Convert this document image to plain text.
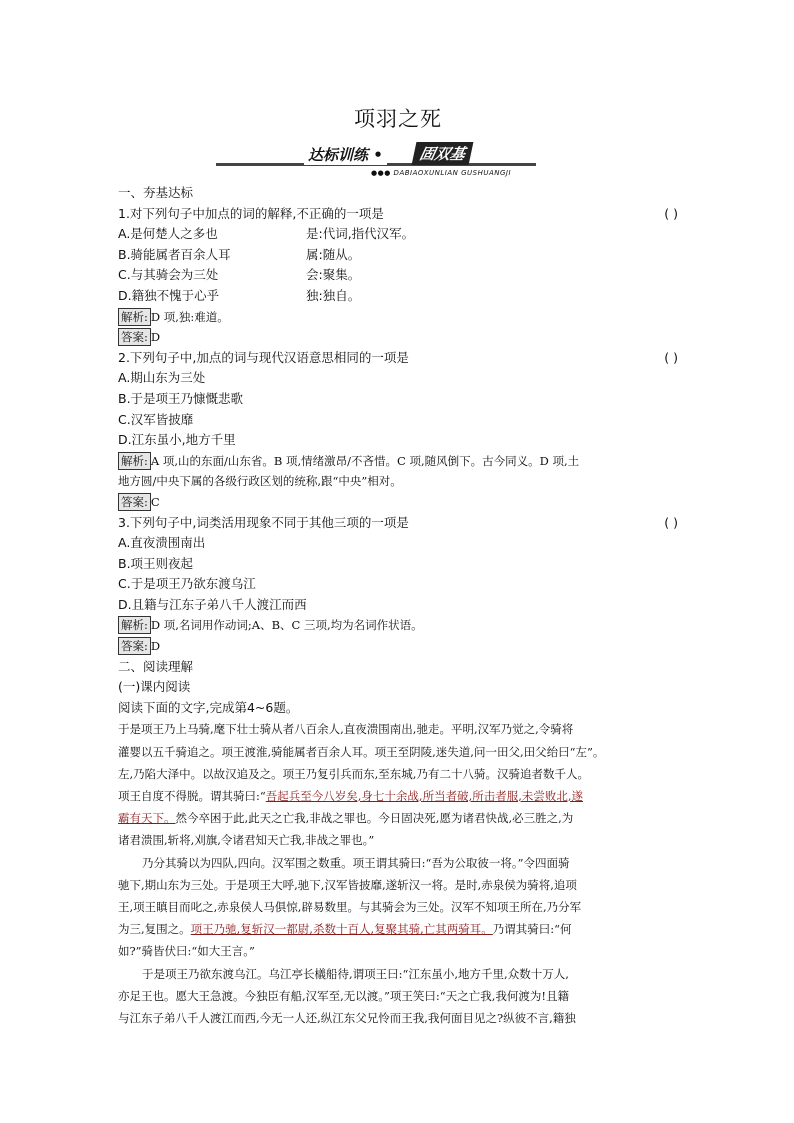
项羽之死
达标训练 •	固双基
●●● DABIAOXUNLIAN GUSHUANGJI
一、夯基达标
1.对下列句子中加点的词的解释,不正确的一项是	( )
A.是何楚人之多也	是:代词,指代汉军。
B.骑能属者百余人耳	属:随从。
C.与其骑会为三处	会:聚集。
D.籍独不愧于心乎	独:独自。
解析: D 项,独:难道。
答案: D
2.下列句子中,加点的词与现代汉语意思相同的一项是	( )
A.期山东为三处
B.于是项王乃慷慨悲歌
C.汉军皆披靡
D.江东虽小,地方千里
解析: A 项,山的东面/山东省。B 项,情绪激昂/不吝惜。C 项,随风倒下。古今同义。D 项,土
地方圆/中央下属的各级行政区划的统称,跟“中央”相对。
答案: C
3.下列句子中,词类活用现象不同于其他三项的一项是	( )
A.直夜溃围南出
B.项王则夜起
C.于是项王乃欲东渡乌江
D.且籍与江东子弟八千人渡江而西
解析: D 项,名词用作动词;A、B、C 三项,均为名词作状语。
答案: D
二、阅读理解
(一)课内阅读
阅读下面的文字,完成第4~6题。
于是项王乃上马骑,麾下壮士骑从者八百余人,直夜溃围南出,驰走。平明,汉军乃觉之,令骑将
灌婴以五千骑追之。项王渡淮,骑能属者百余人耳。项王至阴陵,迷失道,问一田父,田父绐曰“左”。
左,乃陷大泽中。以故汉追及之。项王乃复引兵而东,至东城,乃有二十八骑。汉骑追者数千人。
项王自度不得脱。谓其骑曰:“吾起兵至今八岁矣,身七十余战,所当者破,所击者服,未尝败北,遂
霸有天下。然今卒困于此,此天之亡我,非战之罪也。今日固决死,愿为诸君快战,必三胜之,为
诸君溃围,斩将,刈旗,令诸君知天亡我,非战之罪也。”
乃分其骑以为四队,四向。汉军围之数重。项王谓其骑曰:“吾为公取彼一将。”令四面骑
驰下,期山东为三处。于是项王大呼,驰下,汉军皆披靡,遂斩汉一将。是时,赤泉侯为骑将,追项
王,项王瞋目而叱之,赤泉侯人马俱惊,辟易数里。与其骑会为三处。汉军不知项王所在,乃分军
为三,复围之。项王乃驰,复斩汉一都尉,杀数十百人,复聚其骑,亡其两骑耳。乃谓其骑曰:“何
如?”骑皆伏曰:“如大王言。”
于是项王乃欲东渡乌江。乌江亭长檥船待,谓项王曰:“江东虽小,地方千里,众数十万人,
亦足王也。愿大王急渡。今独臣有船,汉军至,无以渡。”项王笑曰:“天之亡我,我何渡为!且籍
与江东子弟八千人渡江而西,今无一人还,纵江东父兄怜而王我,我何面目见之?纵彼不言,籍独
